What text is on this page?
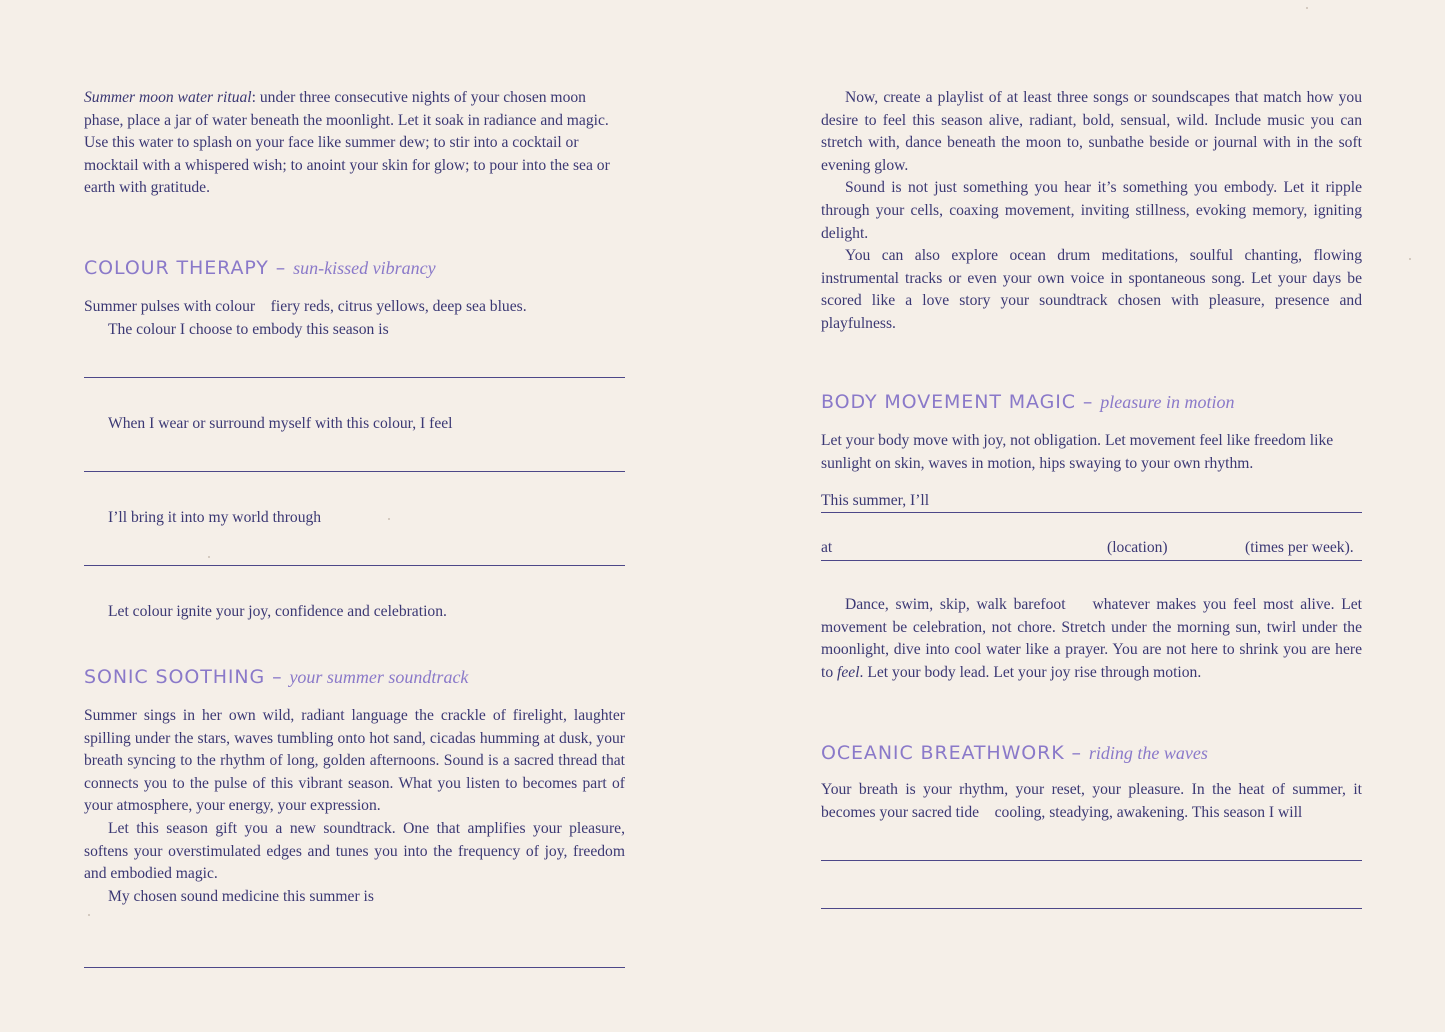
Summer moon water ritual: under three consecutive nights of your chosen moon phase, place a jar of water beneath the moonlight. Let it soak in radiance and magic. Use this water to splash on your face like summer dew; to stir into a cocktail or mocktail with a whispered wish; to anoint your skin for glow; to pour into the sea or earth with gratitude.

COLOUR THERAPY – sun-kissed vibrancy

Summer pulses with colour    fiery reds, citrus yellows, deep sea blues.

The colour I choose to embody this season is

When I wear or surround myself with this colour, I feel

I’ll bring it into my world through

Let colour ignite your joy, confidence and celebration.

SONIC SOOTHING – your summer soundtrack

Summer sings in her own wild, radiant language the crackle of firelight, laughter spilling under the stars, waves tumbling onto hot sand, cicadas humming at dusk, your breath syncing to the rhythm of long, golden afternoons. Sound is a sacred thread that connects you to the pulse of this vibrant season. What you listen to becomes part of your atmosphere, your energy, your expression.

Let this season gift you a new soundtrack. One that amplifies your pleasure, softens your overstimulated edges and tunes you into the frequency of joy, freedom and embodied magic.

My chosen sound medicine this summer is

Now, create a playlist of at least three songs or soundscapes that match how you desire to feel this season alive, radiant, bold, sensual, wild. Include music you can stretch with, dance beneath the moon to, sunbathe beside or journal with in the soft evening glow.

Sound is not just something you hear it’s something you embody. Let it ripple through your cells, coaxing movement, inviting stillness, evoking memory, igniting delight.

You can also explore ocean drum meditations, soulful chanting, flowing instrumental tracks or even your own voice in spontaneous song. Let your days be scored like a love story your soundtrack chosen with pleasure, presence and playfulness.

BODY MOVEMENT MAGIC – pleasure in motion

Let your body move with joy, not obligation. Let movement feel like freedom like sunlight on skin, waves in motion, hips swaying to your own rhythm.

This summer, I’ll

at	(location)	(times per week).

Dance, swim, skip, walk barefoot    whatever makes you feel most alive. Let movement be celebration, not chore. Stretch under the morning sun, twirl under the moonlight, dive into cool water like a prayer. You are not here to shrink you are here to feel. Let your body lead. Let your joy rise through motion.

OCEANIC BREATHWORK – riding the waves

Your breath is your rhythm, your reset, your pleasure. In the heat of summer, it becomes your sacred tide    cooling, steadying, awakening. This season I will
